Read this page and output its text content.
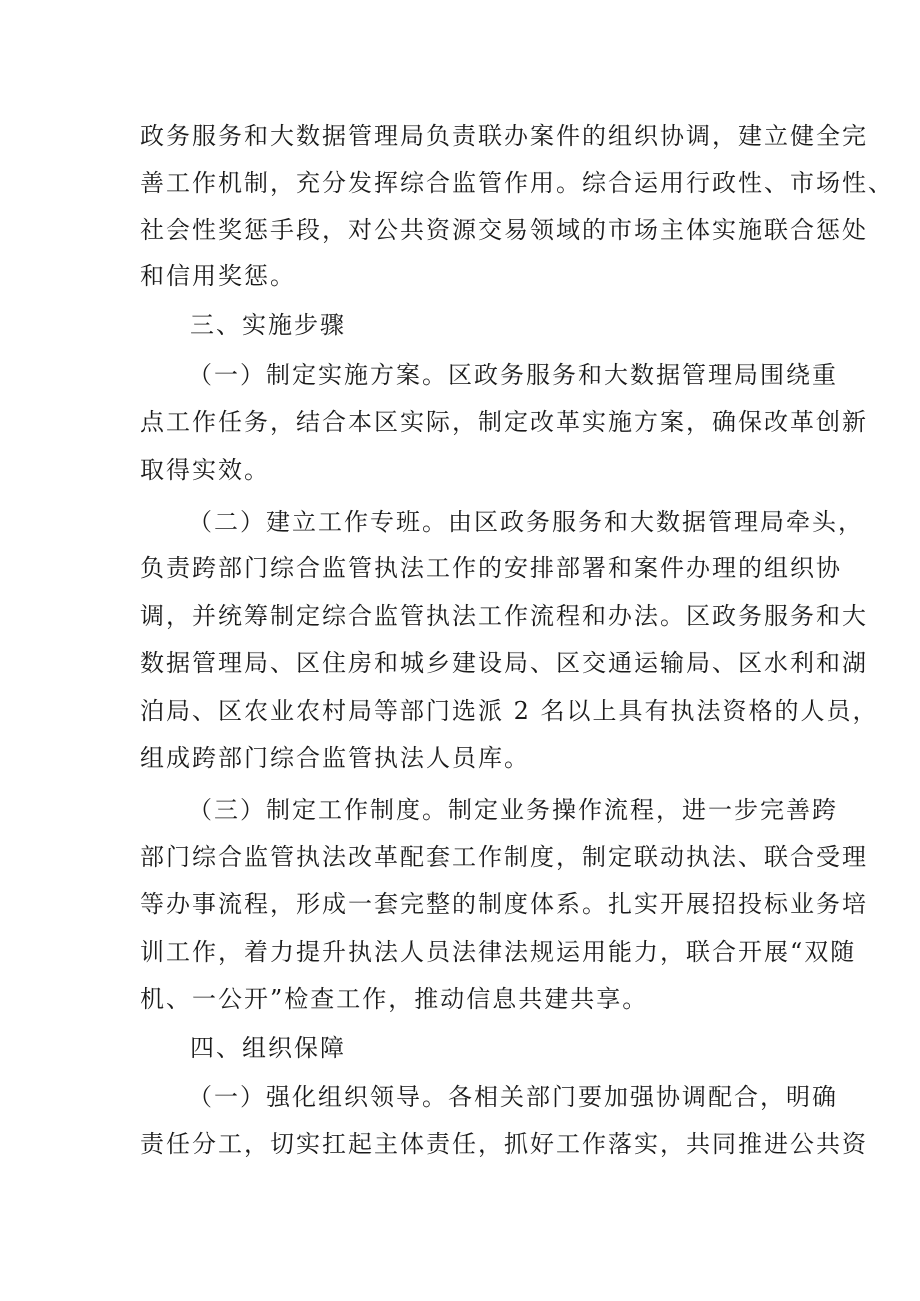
政务服务和大数据管理局负责联办案件的组织协调，建立健全完
善工作机制，充分发挥综合监管作用。综合运用行政性、市场性、
社会性奖惩手段，对公共资源交易领域的市场主体实施联合惩处
和信用奖惩。
三、实施步骤
（一）制定实施方案。区政务服务和大数据管理局围绕重
点工作任务，结合本区实际，制定改革实施方案，确保改革创新
取得实效。
（二）建立工作专班。由区政务服务和大数据管理局牵头，
负责跨部门综合监管执法工作的安排部署和案件办理的组织协
调，并统筹制定综合监管执法工作流程和办法。区政务服务和大
数据管理局、区住房和城乡建设局、区交通运输局、区水利和湖
泊局、区农业农村局等部门选派 2 名以上具有执法资格的人员，
组成跨部门综合监管执法人员库。
（三）制定工作制度。制定业务操作流程，进一步完善跨
部门综合监管执法改革配套工作制度，制定联动执法、联合受理
等办事流程，形成一套完整的制度体系。扎实开展招投标业务培
训工作，着力提升执法人员法律法规运用能力，联合开展“双随
机、一公开”检查工作，推动信息共建共享。
四、组织保障
（一）强化组织领导。各相关部门要加强协调配合，明确
责任分工，切实扛起主体责任，抓好工作落实，共同推进公共资
